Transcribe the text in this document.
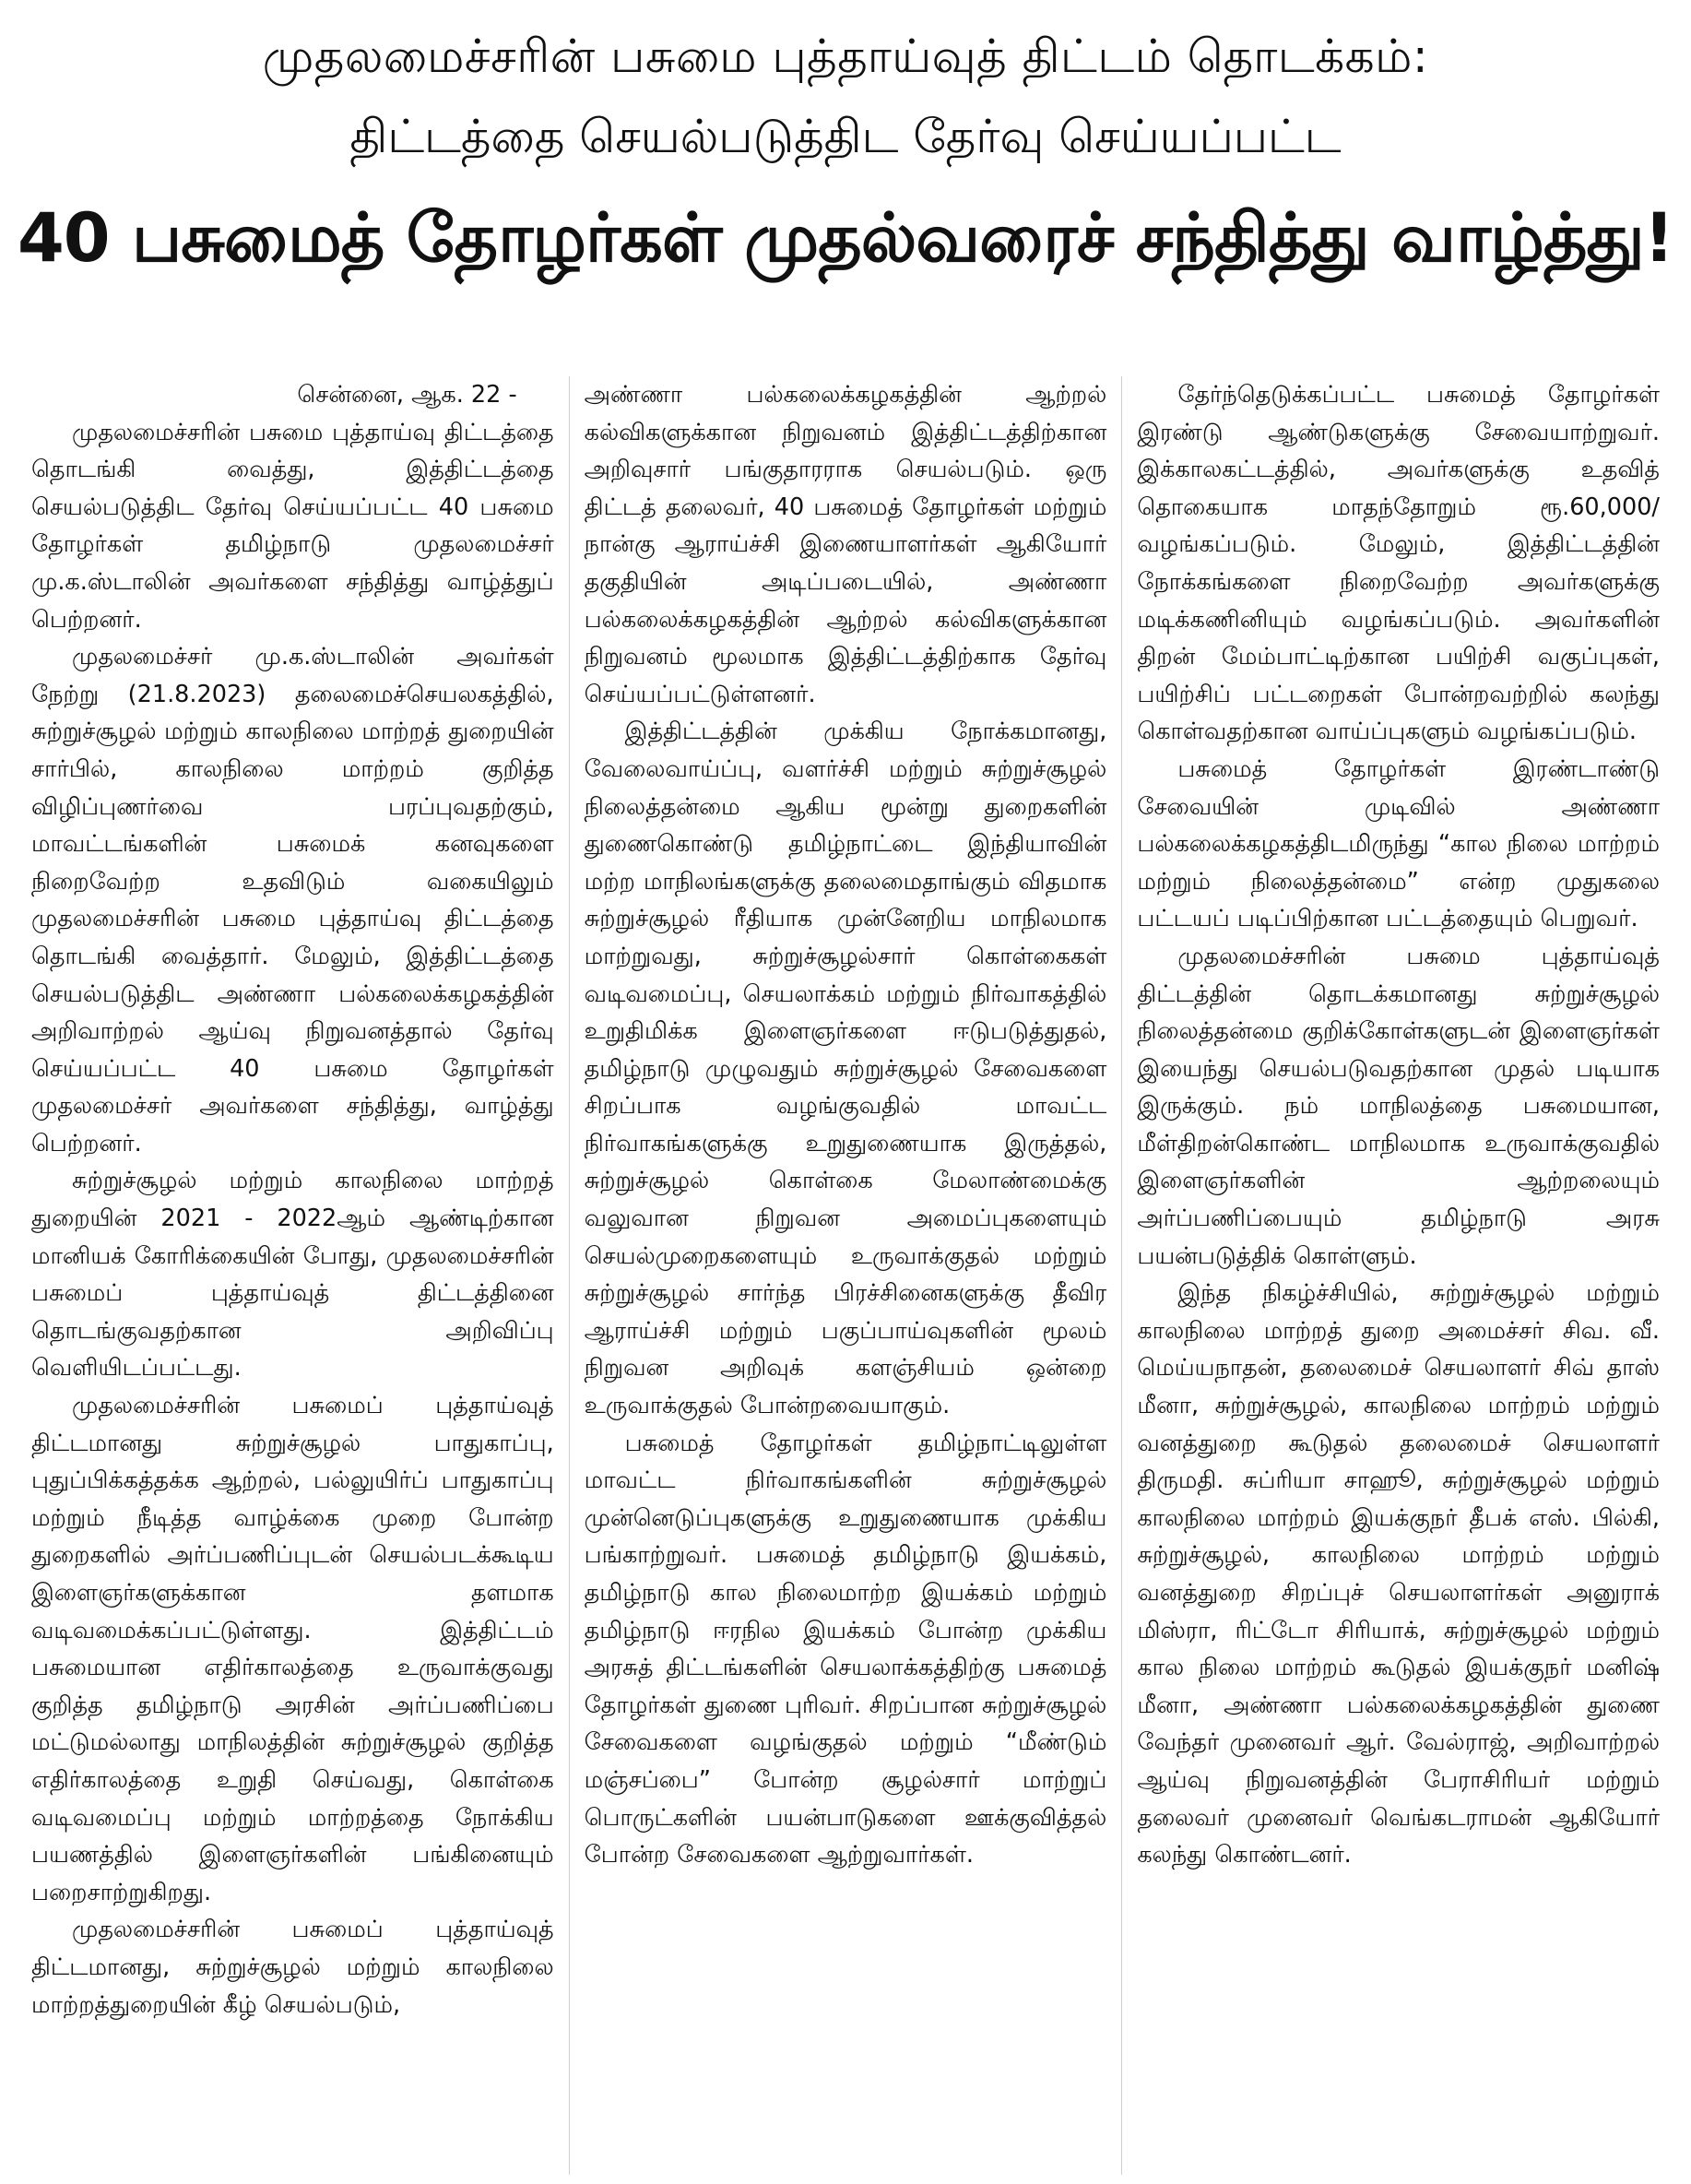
முதலமைச்சரின் பசுமை புத்தாய்வுத் திட்டம் தொடக்கம்:
திட்டத்தை செயல்படுத்திட தேர்வு செய்யப்பட்ட
40 பசுமைத் தோழர்கள் முதல்வரைச் சந்தித்து வாழ்த்து!
சென்னை, ஆக. 22 -

முதலமைச்சரின் பசுமை புத்தாய்வு திட்டத்தை தொடங்கி வைத்து, இத்திட்டத்தை செயல்படுத்திட தேர்வு செய்யப்பட்ட 40 பசுமை தோழர்கள் தமிழ்நாடு முதலமைச்சர் மு.க.ஸ்டாலின் அவர்களை சந்தித்து வாழ்த்துப் பெற்றனர்.

முதலமைச்சர் மு.க.ஸ்டாலின் அவர்கள் நேற்று (21.8.2023) தலைமைச்செயலகத்தில், சுற்றுச்சூழல் மற்றும் காலநிலை மாற்றத் துறையின் சார்பில், காலநிலை மாற்றம் குறித்த விழிப்புணர்வை பரப்புவதற்கும், மாவட்டங்களின் பசுமைக் கனவுகளை நிறைவேற்ற உதவிடும் வகையிலும் முதலமைச்சரின் பசுமை புத்தாய்வு திட்டத்தை தொடங்கி வைத்தார். மேலும், இத்திட்டத்தை செயல்படுத்திட அண்ணா பல்கலைக்கழகத்தின் அறிவாற்றல் ஆய்வு நிறுவனத்தால் தேர்வு செய்யப்பட்ட 40 பசுமை தோழர்கள் முதலமைச்சர் அவர்களை சந்தித்து, வாழ்த்து பெற்றனர்.

சுற்றுச்சூழல் மற்றும் காலநிலை மாற்றத் துறையின் 2021 - 2022ஆம் ஆண்டிற்கான மானியக் கோரிக்கையின் போது, முதலமைச்சரின் பசுமைப் புத்தாய்வுத் திட்டத்தினை தொடங்குவதற்கான அறிவிப்பு வெளியிடப்பட்டது.

முதலமைச்சரின் பசுமைப் புத்தாய்வுத் திட்டமானது சுற்றுச்சூழல் பாதுகாப்பு, புதுப்பிக்கத்தக்க ஆற்றல், பல்லுயிர்ப் பாதுகாப்பு மற்றும் நீடித்த வாழ்க்கை முறை போன்ற துறைகளில் அர்ப்பணிப்புடன் செயல்படக்கூடிய இளைஞர்களுக்கான தளமாக வடிவமைக்கப்பட்டுள்ளது. இத்திட்டம் பசுமையான எதிர்காலத்தை உருவாக்குவது குறித்த தமிழ்நாடு அரசின் அர்ப்பணிப்பை மட்டுமல்லாது மாநிலத்தின் சுற்றுச்சூழல் குறித்த எதிர்காலத்தை உறுதி செய்வது, கொள்கை வடிவமைப்பு மற்றும் மாற்றத்தை நோக்கிய பயணத்தில் இளைஞர்களின் பங்கினையும் பறைசாற்றுகிறது.

முதலமைச்சரின் பசுமைப் புத்தாய்வுத் திட்டமானது, சுற்றுச்சூழல் மற்றும் காலநிலை மாற்றத்துறையின் கீழ் செயல்படும்,

அண்ணா பல்கலைக்கழகத்தின் ஆற்றல் கல்விகளுக்கான நிறுவனம் இத்திட்டத்திற்கான அறிவுசார் பங்குதாரராக செயல்படும். ஒரு திட்டத் தலைவர், 40 பசுமைத் தோழர்கள் மற்றும் நான்கு ஆராய்ச்சி இணையாளர்கள் ஆகியோர் தகுதியின் அடிப்படையில், அண்ணா பல்கலைக்கழகத்தின் ஆற்றல் கல்விகளுக்கான நிறுவனம் மூலமாக இத்திட்டத்திற்காக தேர்வு செய்யப்பட்டுள்ளனர்.

இத்திட்டத்தின் முக்கிய நோக்கமானது, வேலைவாய்ப்பு, வளர்ச்சி மற்றும் சுற்றுச்சூழல் நிலைத்தன்மை ஆகிய மூன்று துறைகளின் துணைகொண்டு தமிழ்நாட்டை இந்தியாவின் மற்ற மாநிலங்களுக்கு தலைமைதாங்கும் விதமாக சுற்றுச்சூழல் ரீதியாக முன்னேறிய மாநிலமாக மாற்றுவது, சுற்றுச்சூழல்சார் கொள்கைகள் வடிவமைப்பு, செயலாக்கம் மற்றும் நிர்வாகத்தில் உறுதிமிக்க இளைஞர்களை ஈடுபடுத்துதல், தமிழ்நாடு முழுவதும் சுற்றுச்சூழல் சேவைகளை சிறப்பாக வழங்குவதில் மாவட்ட நிர்வாகங்களுக்கு உறுதுணையாக இருத்தல், சுற்றுச்சூழல் கொள்கை மேலாண்மைக்கு வலுவான நிறுவன அமைப்புகளையும் செயல்முறைகளையும் உருவாக்குதல் மற்றும் சுற்றுச்சூழல் சார்ந்த பிரச்சினைகளுக்கு தீவிர ஆராய்ச்சி மற்றும் பகுப்பாய்வுகளின் மூலம் நிறுவன அறிவுக் களஞ்சியம் ஒன்றை உருவாக்குதல் போன்றவையாகும்.

பசுமைத் தோழர்கள் தமிழ்நாட்டிலுள்ள மாவட்ட நிர்வாகங்களின் சுற்றுச்சூழல் முன்னெடுப்புகளுக்கு உறுதுணையாக முக்கிய பங்காற்றுவர். பசுமைத் தமிழ்நாடு இயக்கம், தமிழ்நாடு கால நிலைமாற்ற இயக்கம் மற்றும் தமிழ்நாடு ஈரநில இயக்கம் போன்ற முக்கிய அரசுத் திட்டங்களின் செயலாக்கத்திற்கு பசுமைத் தோழர்கள் துணை புரிவர். சிறப்பான சுற்றுச்சூழல் சேவைகளை வழங்குதல் மற்றும் “மீண்டும் மஞ்சப்பை” போன்ற சூழல்சார் மாற்றுப் பொருட்களின் பயன்பாடுகளை ஊக்குவித்தல் போன்ற சேவைகளை ஆற்றுவார்கள்.

தேர்ந்தெடுக்கப்பட்ட பசுமைத் தோழர்கள் இரண்டு ஆண்டுகளுக்கு சேவையாற்றுவர். இக்காலகட்டத்தில், அவர்களுக்கு உதவித் தொகையாக மாதந்தோறும் ரூ.60,000/ வழங்கப்படும். மேலும், இத்திட்டத்தின் நோக்கங்களை நிறைவேற்ற அவர்களுக்கு மடிக்கணினியும் வழங்கப்படும். அவர்களின் திறன் மேம்பாட்டிற்கான பயிற்சி வகுப்புகள், பயிற்சிப் பட்டறைகள் போன்றவற்றில் கலந்து கொள்வதற்கான வாய்ப்புகளும் வழங்கப்படும்.

பசுமைத் தோழர்கள் இரண்டாண்டு சேவையின் முடிவில் அண்ணா பல்கலைக்கழகத்திடமிருந்து “கால நிலை மாற்றம் மற்றும் நிலைத்தன்மை” என்ற முதுகலை பட்டயப் படிப்பிற்கான பட்டத்தையும் பெறுவர்.

முதலமைச்சரின் பசுமை புத்தாய்வுத் திட்டத்தின் தொடக்கமானது சுற்றுச்சூழல் நிலைத்தன்மை குறிக்கோள்களுடன் இளைஞர்கள் இயைந்து செயல்படுவதற்கான முதல் படியாக இருக்கும். நம் மாநிலத்தை பசுமையான, மீள்திறன்கொண்ட மாநிலமாக உருவாக்குவதில் இளைஞர்களின் ஆற்றலையும் அர்ப்பணிப்பையும் தமிழ்நாடு அரசு பயன்படுத்திக் கொள்ளும்.

இந்த நிகழ்ச்சியில், சுற்றுச்சூழல் மற்றும் காலநிலை மாற்றத் துறை அமைச்சர் சிவ. வீ. மெய்யநாதன், தலைமைச் செயலாளர் சிவ் தாஸ் மீனா, சுற்றுச்சூழல், காலநிலை மாற்றம் மற்றும் வனத்துறை கூடுதல் தலைமைச் செயலாளர் திருமதி. சுப்ரியா சாஹூ, சுற்றுச்சூழல் மற்றும் காலநிலை மாற்றம் இயக்குநர் தீபக் எஸ். பில்கி, சுற்றுச்சூழல், காலநிலை மாற்றம் மற்றும் வனத்துறை சிறப்புச் செயலாளர்கள் அனுராக் மிஸ்ரா, ரிட்டோ சிரியாக், சுற்றுச்சூழல் மற்றும் கால நிலை மாற்றம் கூடுதல் இயக்குநர் மனிஷ் மீனா, அண்ணா பல்கலைக்கழகத்தின் துணை வேந்தர் முனைவர் ஆர். வேல்ராஜ், அறிவாற்றல் ஆய்வு நிறுவனத்தின் பேராசிரியர் மற்றும் தலைவர் முனைவர் வெங்கடராமன் ஆகியோர் கலந்து கொண்டனர்.
